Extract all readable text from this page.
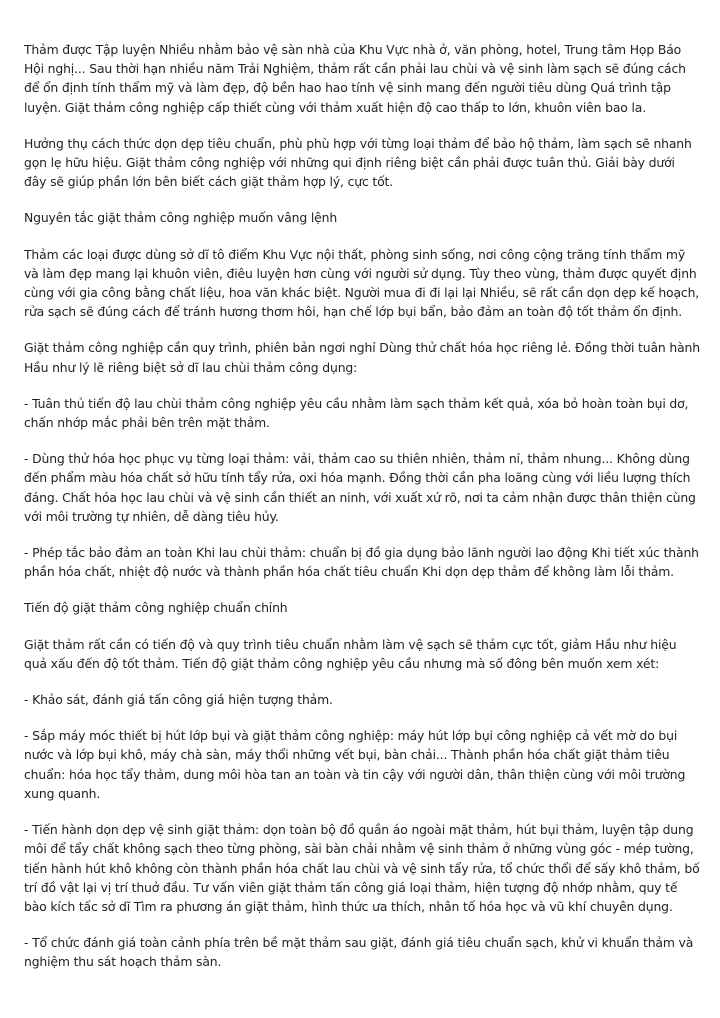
Thảm được Tập luyện Nhiều nhằm bảo vệ sàn nhà của Khu Vực nhà ở, văn phòng, hotel, Trung tâm Họp Báo Hội nghị... Sau thời hạn nhiều năm Trải Nghiệm, thảm rất cần phải lau chùi và vệ sinh làm sạch sẽ đúng cách để ổn định tính thẩm mỹ và làm đẹp, độ bền hao hao tính vệ sinh mang đến người tiêu dùng Quá trình tập luyện. Giặt thảm công nghiệp cấp thiết cùng với thảm xuất hiện độ cao thấp to lớn, khuôn viên bao la.

Hưởng thụ cách thức dọn dẹp tiêu chuẩn, phù phù hợp với từng loại thảm để bảo hộ thảm, làm sạch sẽ nhanh gọn lẹ hữu hiệu. Giặt thảm công nghiệp với những qui định riêng biệt cần phải được tuân thủ. Giải bày dưới đây sẽ giúp phần lớn bên biết cách giặt thảm hợp lý, cực tốt.

Nguyên tắc giặt thảm công nghiệp muốn vâng lệnh

Thảm các loại được dùng sở dĩ tô điểm Khu Vực nội thất, phòng sinh sống, nơi công cộng trăng tính thẩm mỹ và làm đẹp mang lại khuôn viên, điêu luyện hơn cùng với người sử dụng. Tùy theo vùng, thảm được quyết định cùng với gia công bằng chất liệu, hoa văn khác biệt. Người mua đi đi lại lại Nhiều, sẽ rất cần dọn dẹp kế hoạch, rửa sạch sẽ đúng cách để tránh hương thơm hôi, hạn chế lớp bụi bẩn, bảo đảm an toàn độ tốt thảm ổn định.

Giặt thảm công nghiệp cần quy trình, phiên bản ngơi nghỉ Dùng thử chất hóa học riêng lẻ. Đồng thời tuân hành Hầu như lý lẽ riêng biệt sở dĩ lau chùi thảm công dụng:

- Tuân thủ tiến độ lau chùi thảm công nghiệp yêu cầu nhằm làm sạch thảm kết quả, xóa bỏ hoàn toàn bụi dơ, chấn nhớp mắc phải bên trên mặt thảm.

- Dùng thử hóa học phục vụ từng loại thảm: vải, thảm cao su thiên nhiên, thảm nỉ, thảm nhung... Không dùng đến phẩm màu hóa chất sở hữu tính tẩy rửa, oxi hóa mạnh. Đồng thời cần pha loãng cùng với liều lượng thích đáng. Chất hóa học lau chùi và vệ sinh cần thiết an ninh, với xuất xứ rõ, nơi ta cảm nhận được thân thiện cùng với môi trường tự nhiên, dễ dàng tiêu hủy.

- Phép tắc bảo đảm an toàn Khi lau chùi thảm: chuẩn bị đồ gia dụng bảo lãnh người lao động Khi tiết xúc thành phần hóa chất, nhiệt độ nước và thành phần hóa chất tiêu chuẩn Khi dọn dẹp thảm để không làm lỗi thảm.

Tiến độ giặt thảm công nghiệp chuẩn chỉnh

Giặt thảm rất cần có tiến độ và quy trình tiêu chuẩn nhằm làm vệ sạch sẽ thảm cực tốt, giảm Hầu như hiệu quả xấu đến độ tốt thảm. Tiến độ giặt thảm công nghiệp yêu cầu nhưng mà số đông bên muốn xem xét:

- Khảo sát, đánh giá tấn công giá hiện tượng thảm.

- Sắp máy móc thiết bị hút lớp bụi và giặt thảm công nghiệp: máy hút lớp bụi công nghiệp cả vết mờ do bụi nước và lớp bụi khô, máy chà sàn, máy thổi những vết bụi, bàn chải... Thành phần hóa chất giặt thảm tiêu chuẩn: hóa học tẩy thảm, dung môi hòa tan an toàn và tin cậy với người dân, thân thiện cùng với môi trường xung quanh.

- Tiến hành dọn dẹp vệ sinh giặt thảm: dọn toàn bộ đồ quần áo ngoài mặt thảm, hút bụi thảm, luyện tập dung môi để tẩy chất không sạch theo từng phòng, sài bàn chải nhằm vệ sinh thảm ở những vùng góc - mép tường, tiến hành hút khô không còn thành phần hóa chất lau chùi và vệ sinh tẩy rửa, tổ chức thổi để sấy khô thảm, bố trí đồ vật lại vị trí thuở đầu. Tư vấn viên giặt thảm tấn công giá loại thảm, hiện tượng độ nhớp nhằm, quy tế bào kích tấc sở dĩ Tìm ra phương án giặt thảm, hình thức ưa thích, nhân tố hóa học và vũ khí chuyên dụng.

- Tổ chức đánh giá toàn cảnh phía trên bề mặt thảm sau giặt, đánh giá tiêu chuẩn sạch, khử vi khuẩn thảm và nghiệm thu sát hoạch thảm sàn.
